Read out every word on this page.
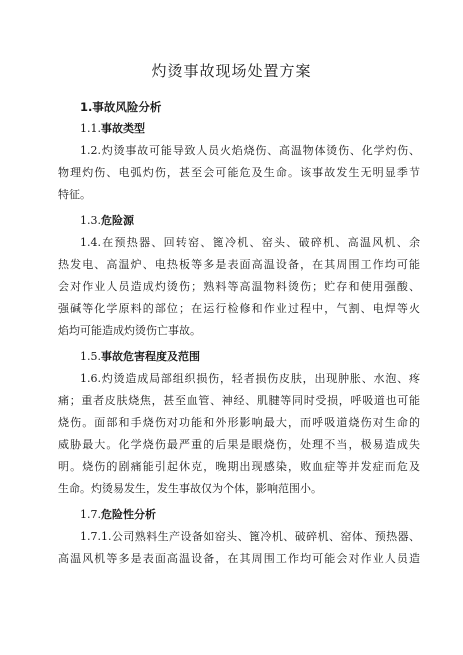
灼烫事故现场处置方案
1.事故风险分析
1.1.事故类型
1.2.灼烫事故可能导致人员火焰烧伤、高温物体烫伤、化学灼伤、
物理灼伤、电弧灼伤，甚至会可能危及生命。该事故发生无明显季节
特征。
1.3.危险源
1.4.在预热器、回转窑、篦冷机、窑头、破碎机、高温风机、余
热发电、高温炉、电热板等多是表面高温设备，在其周围工作均可能
会对作业人员造成灼烫伤；熟料等高温物料烫伤；贮存和使用强酸、
强碱等化学原料的部位；在运行检修和作业过程中，气割、电焊等火
焰均可能造成灼烫伤亡事故。
1.5.事故危害程度及范围
1.6.灼烫造成局部组织损伤，轻者损伤皮肤，出现肿胀、水泡、疼
痛；重者皮肤烧焦，甚至血管、神经、肌腱等同时受损，呼吸道也可能
烧伤。面部和手烧伤对功能和外形影响最大，而呼吸道烧伤对生命的
威胁最大。化学烧伤最严重的后果是眼烧伤，处理不当，极易造成失
明。烧伤的剧痛能引起休克，晚期出现感染，败血症等并发症而危及
生命。灼烫易发生，发生事故仅为个体，影响范围小。
1.7.危险性分析
1.7.1.公司熟料生产设备如窑头、篦冷机、破碎机、窑体、预热器、
高温风机等多是表面高温设备，在其周围工作均可能会对作业人员造
